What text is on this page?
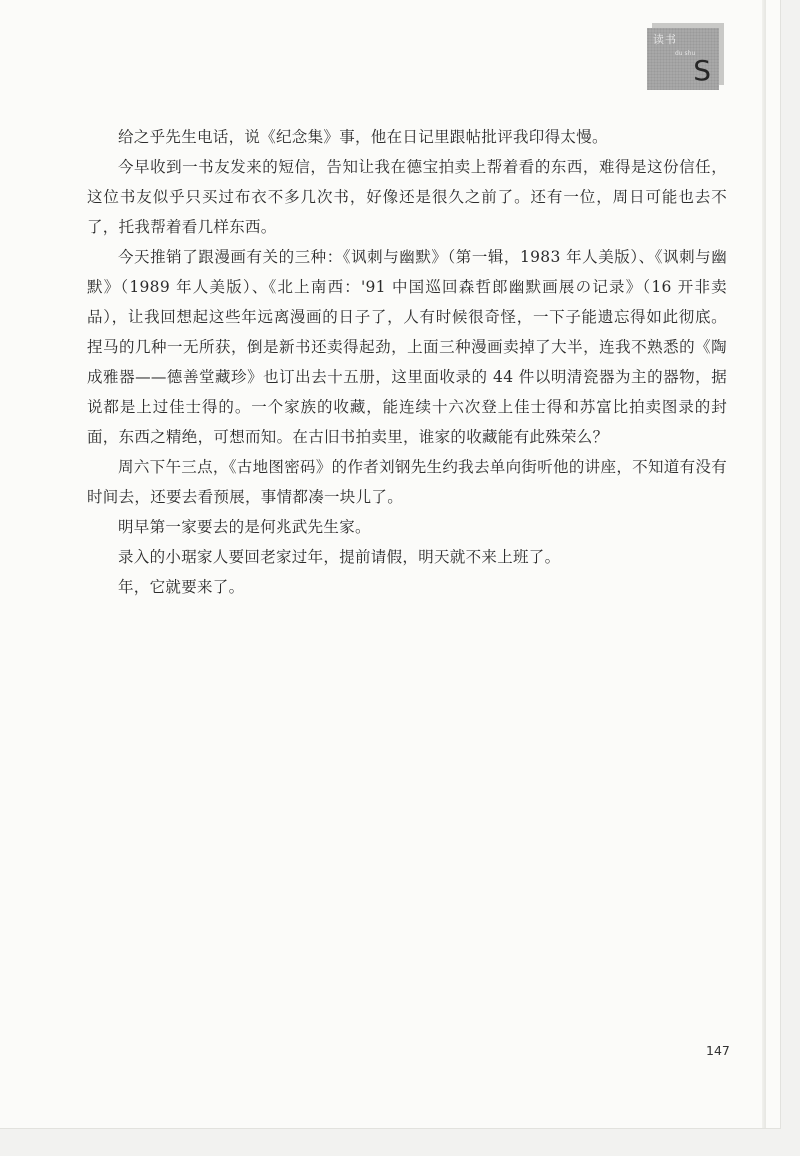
读书
du shu
S

给之乎先生电话，说《纪念集》事，他在日记里跟帖批评我印得太慢。

今早收到一书友发来的短信，告知让我在德宝拍卖上帮着看的东西，难得是这份信任，这位书友似乎只买过布衣不多几次书，好像还是很久之前了。还有一位，周日可能也去不了，托我帮着看几样东西。

今天推销了跟漫画有关的三种：《讽刺与幽默》（第一辑，1983 年人美版）、《讽刺与幽默》（1989 年人美版）、《北上南西：'91 中国巡回森哲郎幽默画展の记录》（16 开非卖品），让我回想起这些年远离漫画的日子了，人有时候很奇怪，一下子能遗忘得如此彻底。捏马的几种一无所获，倒是新书还卖得起劲，上面三种漫画卖掉了大半，连我不熟悉的《陶成雅器——德善堂藏珍》也订出去十五册，这里面收录的 44 件以明清瓷器为主的器物，据说都是上过佳士得的。一个家族的收藏，能连续十六次登上佳士得和苏富比拍卖图录的封面，东西之精绝，可想而知。在古旧书拍卖里，谁家的收藏能有此殊荣么？

周六下午三点，《古地图密码》的作者刘钢先生约我去单向街听他的讲座，不知道有没有时间去，还要去看预展，事情都凑一块儿了。

明早第一家要去的是何兆武先生家。

录入的小琚家人要回老家过年，提前请假，明天就不来上班了。

年，它就要来了。

147
